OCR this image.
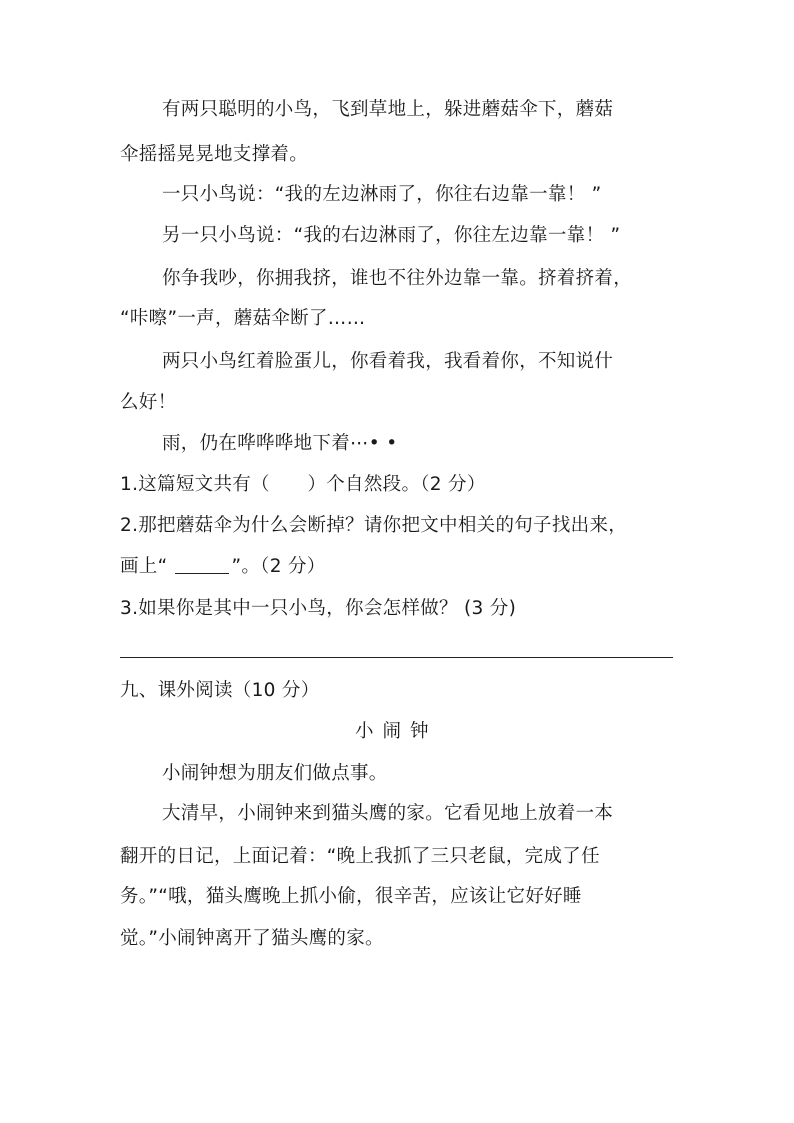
有两只聪明的小鸟，飞到草地上，躲进蘑菇伞下，蘑菇
伞摇摇晃晃地支撑着。
一只小鸟说：“我的左边淋雨了，你往右边靠一靠！ ”
另一只小鸟说：“我的右边淋雨了，你往左边靠一靠！ ”
你争我吵，你拥我挤，谁也不往外边靠一靠。挤着挤着，
“咔嚓”一声，蘑菇伞断了……
两只小鸟红着脸蛋儿，你看着我，我看着你，不知说什
么好！
雨，仍在哗哗哗地下着⋯• •
1.这篇短文共有（　　）个自然段。（2 分）
2.那把蘑菇伞为什么会断掉？请你把文中相关的句子找出来，
画上“	”。（2 分）
3.如果你是其中一只小鸟，你会怎样做？ (3 分)
九、课外阅读（10 分）
小闹钟
小闹钟想为朋友们做点事。
大清早，小闹钟来到猫头鹰的家。它看见地上放着一本
翻开的日记，上面记着：“晚上我抓了三只老鼠，完成了任
务。”“哦，猫头鹰晚上抓小偷，很辛苦，应该让它好好睡
觉。”小闹钟离开了猫头鹰的家。
